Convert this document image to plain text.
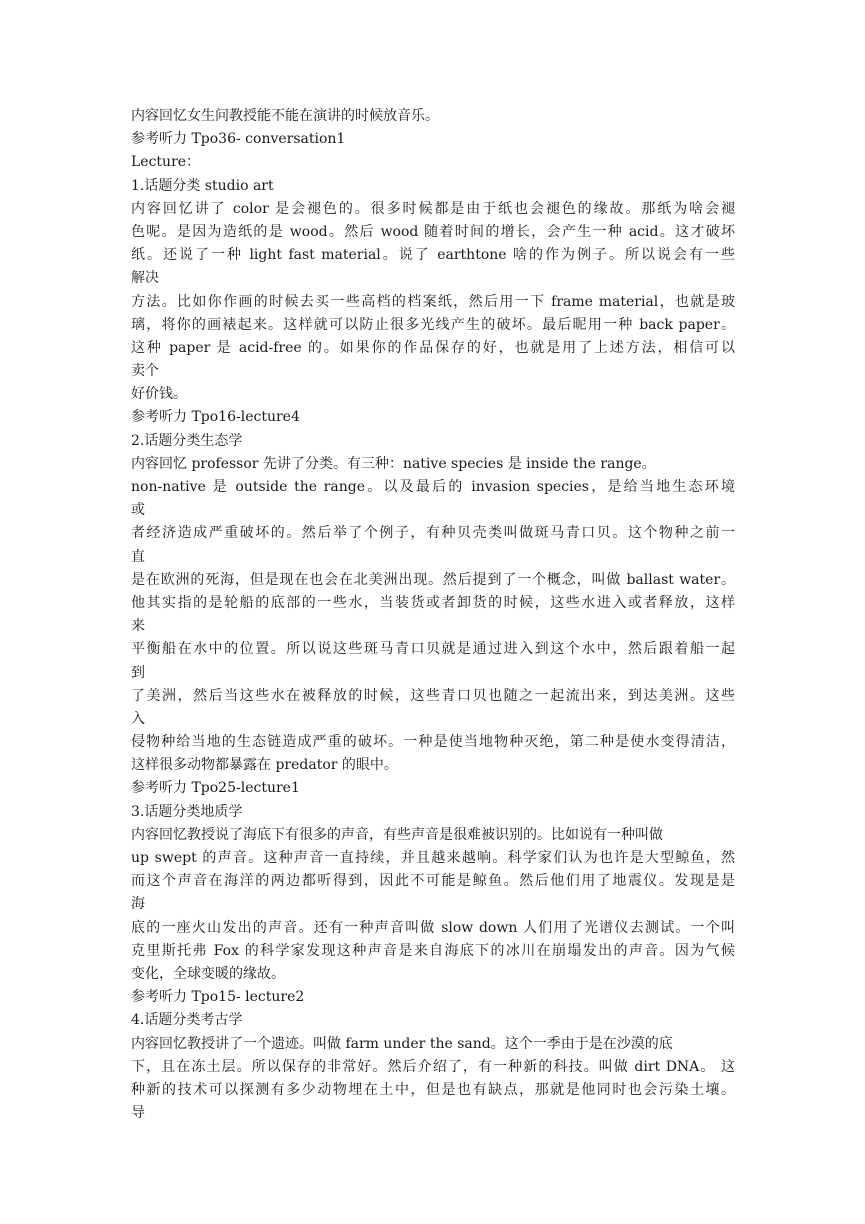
内容回忆女生问教授能不能在演讲的时候放音乐。
参考听力 Tpo36- conversation1
Lecture：
1.话题分类 studio art
内容回忆讲了 color 是会褪色的。很多时候都是由于纸也会褪色的缘故。那纸为啥会褪
色呢。是因为造纸的是 wood。然后 wood 随着时间的增长，会产生一种 acid。这才破坏
纸。还说了一种 light fast material。说了 earthtone 啥的作为例子。所以说会有一些
解决
方法。比如你作画的时候去买一些高档的档案纸，然后用一下 frame material，也就是玻
璃，将你的画裱起来。这样就可以防止很多光线产生的破坏。最后昵用一种 back paper。
这种 paper 是 acid-free 的。如果你的作品保存的好，也就是用了上述方法，相信可以
卖个
好价钱。
参考听力 Tpo16-lecture4
2.话题分类生态学
内容回忆 professor 先讲了分类。有三种：native species 是 inside the range。
non-native 是 outside the range。以及最后的 invasion species，是给当地生态环境
或
者经济造成严重破坏的。然后举了个例子，有种贝壳类叫做斑马青口贝。这个物种之前一
直
是在欧洲的死海，但是现在也会在北美洲出现。然后提到了一个概念，叫做 ballast water。
他其实指的是轮船的底部的一些水，当装货或者卸货的时候，这些水进入或者释放，这样
来
平衡船在水中的位置。所以说这些斑马青口贝就是通过进入到这个水中，然后跟着船一起
到
了美洲，然后当这些水在被释放的时候，这些青口贝也随之一起流出来，到达美洲。这些
入
侵物种给当地的生态链造成严重的破坏。一种是使当地物种灭绝，第二种是使水变得清洁，
这样很多动物都暴露在 predator 的眼中。
参考听力 Tpo25-lecture1
3.话题分类地质学
内容回忆教授说了海底下有很多的声音，有些声音是很难被识别的。比如说有一种叫做
up swept 的声音。这种声音一直持续，并且越来越响。科学家们认为也许是大型鲸鱼，然
而这个声音在海洋的两边都听得到，因此不可能是鲸鱼。然后他们用了地震仪。发现是是
海
底的一座火山发出的声音。还有一种声音叫做 slow down 人们用了光谱仪去测试。一个叫
克里斯托弗 Fox 的科学家发现这种声音是来自海底下的冰川在崩塌发出的声音。因为气候
变化，全球变暖的缘故。
参考听力 Tpo15- lecture2
4.话题分类考古学
内容回忆教授讲了一个遗迹。叫做 farm under the sand。这个一季由于是在沙漠的底
下，且在冻土层。所以保存的非常好。然后介绍了，有一种新的科技。叫做 dirt DNA。 这
种新的技术可以探测有多少动物埋在土中，但是也有缺点，那就是他同时也会污染土壤。
导
